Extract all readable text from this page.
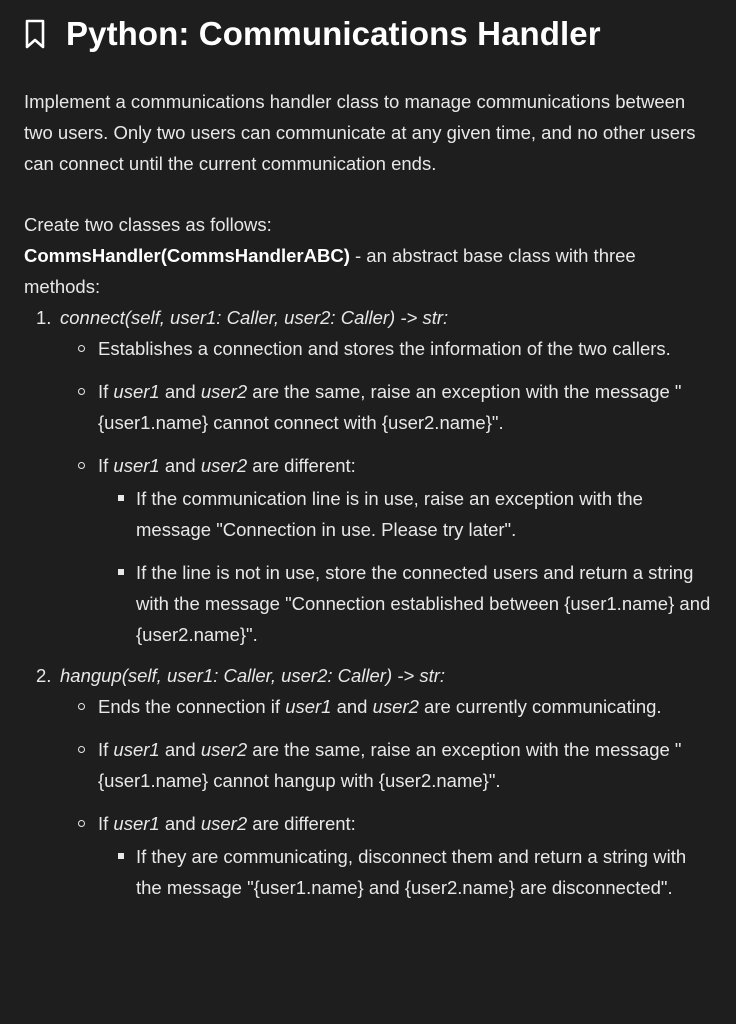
Python: Communications Handler

Implement a communications handler class to manage communications between two users. Only two users can communicate at any given time, and no other users can connect until the current communication ends.

Create two classes as follows:

CommsHandler(CommsHandlerABC) - an abstract base class with three methods:

1. connect(self, user1: Caller, user2: Caller) -> str:
Establishes a connection and stores the information of the two callers.
If user1 and user2 are the same, raise an exception with the message "{user1.name} cannot connect with {user2.name}".
If user1 and user2 are different:
If the communication line is in use, raise an exception with the message "Connection in use. Please try later".
If the line is not in use, store the connected users and return a string with the message "Connection established between {user1.name} and {user2.name}".
2. hangup(self, user1: Caller, user2: Caller) -> str:
Ends the connection if user1 and user2 are currently communicating.
If user1 and user2 are the same, raise an exception with the message "{user1.name} cannot hangup with {user2.name}".
If user1 and user2 are different:
If they are communicating, disconnect them and return a string with the message "{user1.name} and {user2.name} are disconnected".
